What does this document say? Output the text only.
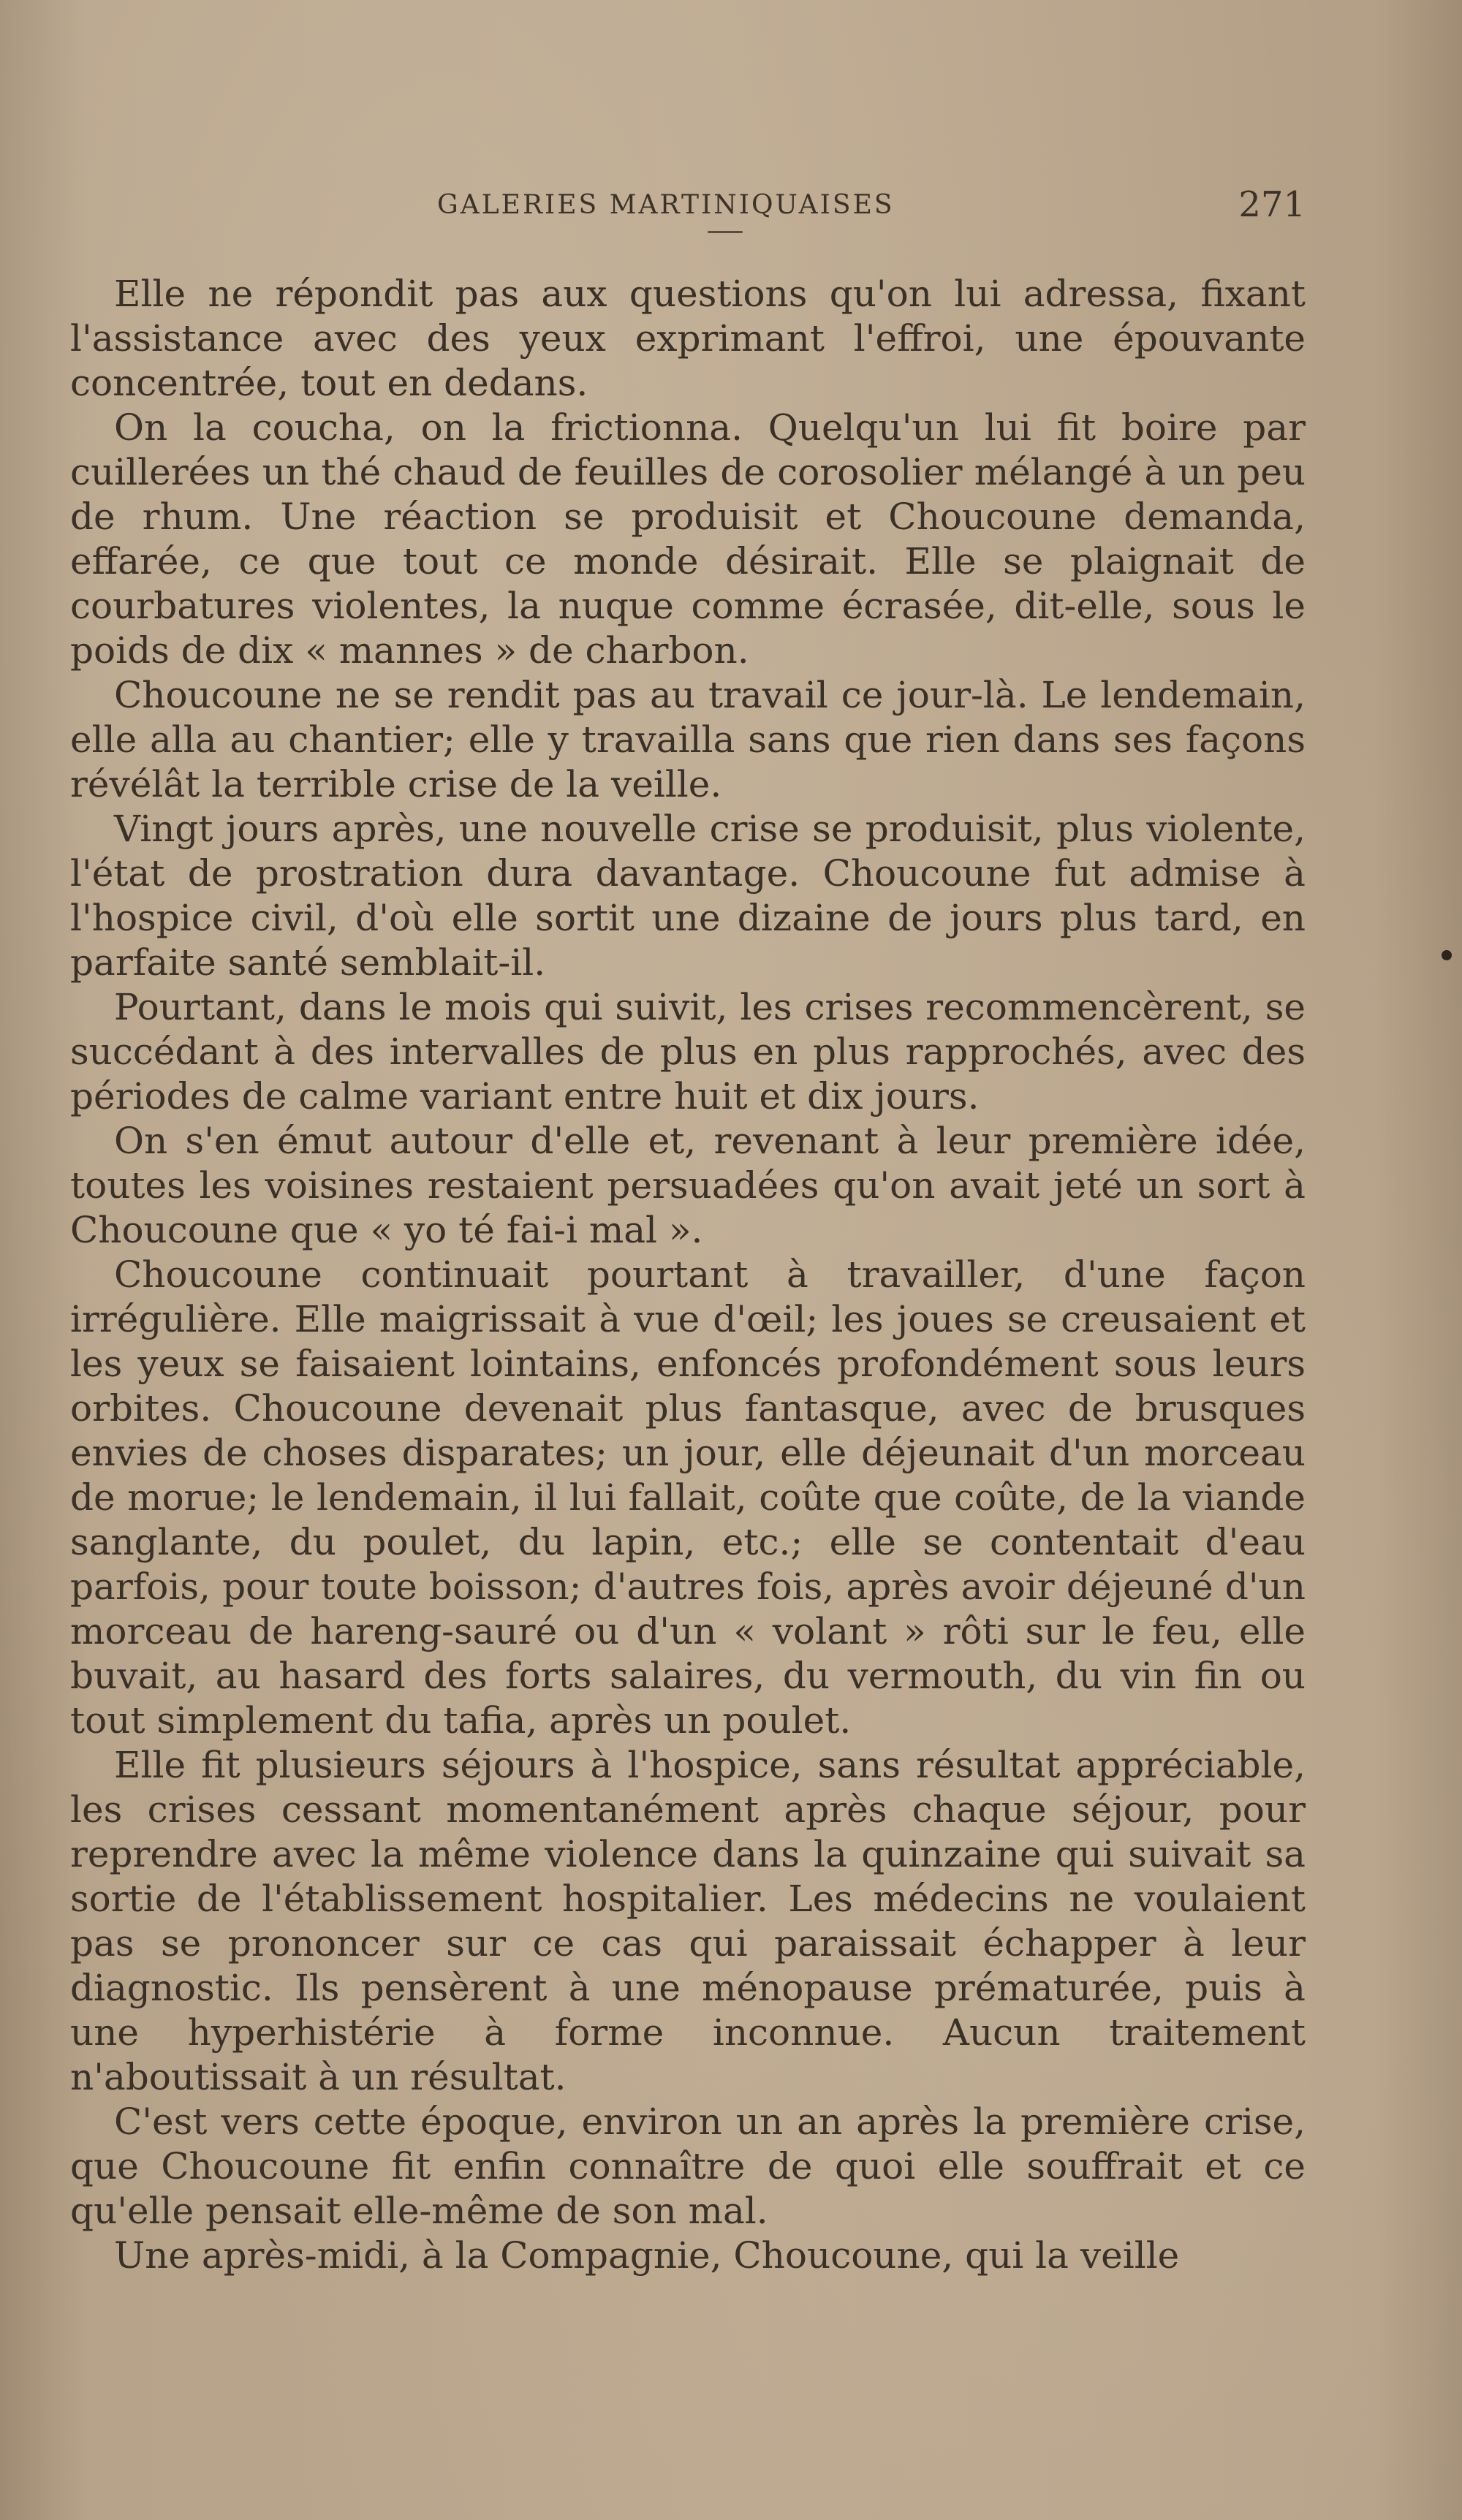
GALERIES MARTINIQUAISES	271

Elle ne répondit pas aux questions qu'on lui adressa, fixant l'assistance avec des yeux exprimant l'effroi, une épouvante concentrée, tout en dedans.

On la coucha, on la frictionna. Quelqu'un lui fit boire par cuillerées un thé chaud de feuilles de corosolier mélangé à un peu de rhum. Une réaction se produisit et Choucoune demanda, effarée, ce que tout ce monde désirait. Elle se plaignait de courbatures violentes, la nuque comme écrasée, dit-elle, sous le poids de dix « mannes » de charbon.

Choucoune ne se rendit pas au travail ce jour-là. Le lendemain, elle alla au chantier; elle y travailla sans que rien dans ses façons révélât la terrible crise de la veille.

Vingt jours après, une nouvelle crise se produisit, plus violente, l'état de prostration dura davantage. Choucoune fut admise à l'hospice civil, d'où elle sortit une dizaine de jours plus tard, en parfaite santé semblait-il.

Pourtant, dans le mois qui suivit, les crises recommencèrent, se succédant à des intervalles de plus en plus rapprochés, avec des périodes de calme variant entre huit et dix jours.

On s'en émut autour d'elle et, revenant à leur première idée, toutes les voisines restaient persuadées qu'on avait jeté un sort à Choucoune que « yo té fai-i mal ».

Choucoune continuait pourtant à travailler, d'une façon irrégulière. Elle maigrissait à vue d'œil; les joues se creusaient et les yeux se faisaient lointains, enfoncés profondément sous leurs orbites. Choucoune devenait plus fantasque, avec de brusques envies de choses disparates; un jour, elle déjeunait d'un morceau de morue; le lendemain, il lui fallait, coûte que coûte, de la viande sanglante, du poulet, du lapin, etc.; elle se contentait d'eau parfois, pour toute boisson; d'autres fois, après avoir déjeuné d'un morceau de hareng-sauré ou d'un « volant » rôti sur le feu, elle buvait, au hasard des forts salaires, du vermouth, du vin fin ou tout simplement du tafia, après un poulet.

Elle fit plusieurs séjours à l'hospice, sans résultat appréciable, les crises cessant momentanément après chaque séjour, pour reprendre avec la même violence dans la quinzaine qui suivait sa sortie de l'établissement hospitalier. Les médecins ne voulaient pas se prononcer sur ce cas qui paraissait échapper à leur diagnostic. Ils pensèrent à une ménopause prématurée, puis à une hyperhistérie à forme inconnue. Aucun traitement n'aboutissait à un résultat.

C'est vers cette époque, environ un an après la première crise, que Choucoune fit enfin connaître de quoi elle souffrait et ce qu'elle pensait elle-même de son mal.

Une après-midi, à la Compagnie, Choucoune, qui la veille
